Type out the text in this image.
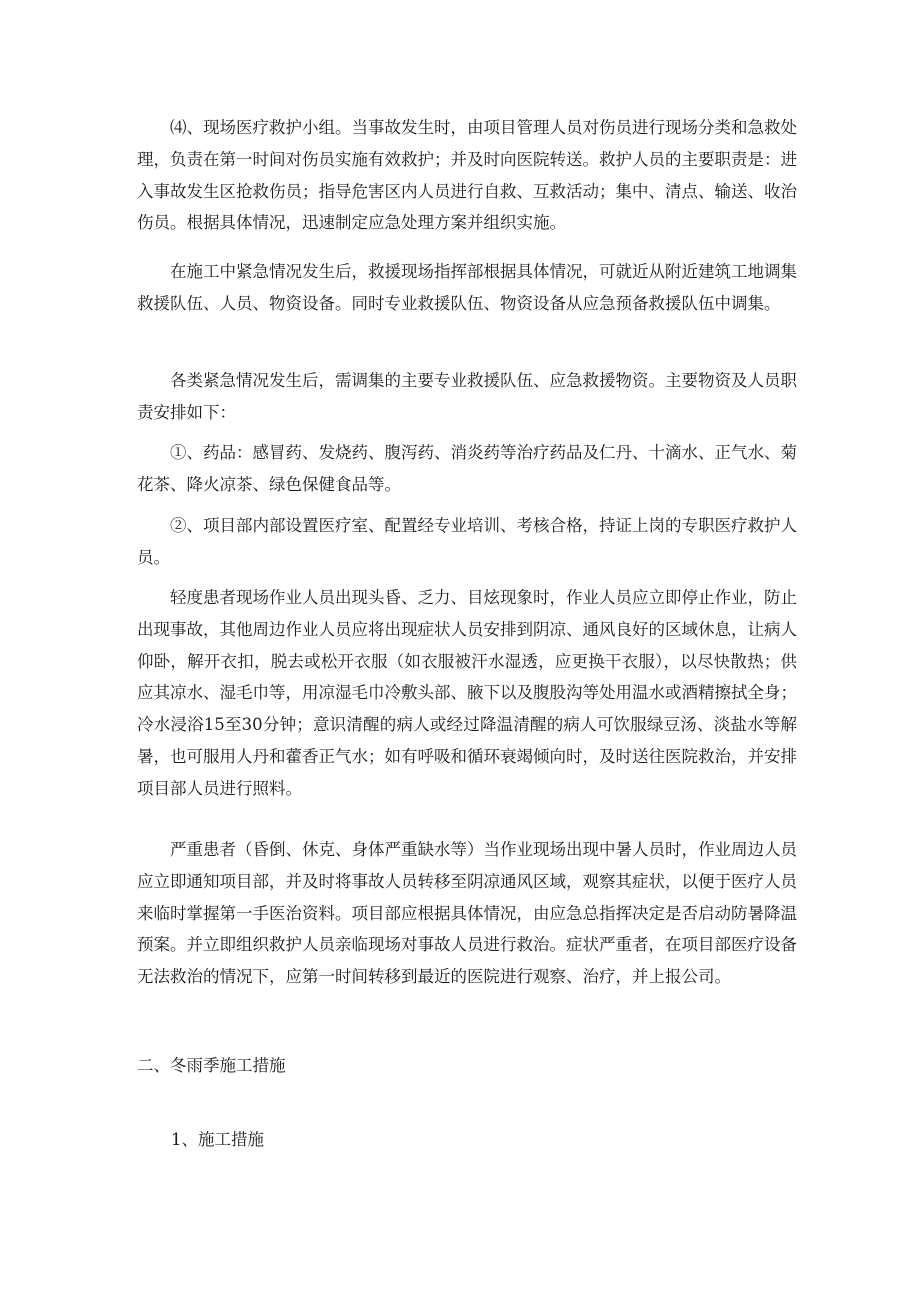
⑷、现场医疗救护小组。当事故发生时，由项目管理人员对伤员进行现场分类和急救处理，负责在第一时间对伤员实施有效救护；并及时向医院转送。救护人员的主要职责是：进入事故发生区抢救伤员；指导危害区内人员进行自救、互救活动；集中、清点、输送、收治伤员。根据具体情况，迅速制定应急处理方案并组织实施。

在施工中紧急情况发生后，救援现场指挥部根据具体情况，可就近从附近建筑工地调集救援队伍、人员、物资设备。同时专业救援队伍、物资设备从应急预备救援队伍中调集。

各类紧急情况发生后，需调集的主要专业救援队伍、应急救援物资。主要物资及人员职责安排如下：

①、药品：感冒药、发烧药、腹泻药、消炎药等治疗药品及仁丹、十滴水、正气水、菊花茶、降火凉茶、绿色保健食品等。

②、项目部内部设置医疗室、配置经专业培训、考核合格，持证上岗的专职医疗救护人员。

轻度患者现场作业人员出现头昏、乏力、目炫现象时，作业人员应立即停止作业，防止出现事故，其他周边作业人员应将出现症状人员安排到阴凉、通风良好的区域休息，让病人仰卧，解开衣扣，脱去或松开衣服（如衣服被汗水湿透，应更换干衣服），以尽快散热；供应其凉水、湿毛巾等，用凉湿毛巾冷敷头部、腋下以及腹股沟等处用温水或酒精擦拭全身；冷水浸浴15至30分钟；意识清醒的病人或经过降温清醒的病人可饮服绿豆汤、淡盐水等解暑，也可服用人丹和藿香正气水；如有呼吸和循环衰竭倾向时，及时送往医院救治，并安排项目部人员进行照料。

严重患者（昏倒、休克、身体严重缺水等）当作业现场出现中暑人员时，作业周边人员应立即通知项目部，并及时将事故人员转移至阴凉通风区域，观察其症状，以便于医疗人员来临时掌握第一手医治资料。项目部应根据具体情况，由应急总指挥决定是否启动防暑降温预案。并立即组织救护人员亲临现场对事故人员进行救治。症状严重者，在项目部医疗设备无法救治的情况下，应第一时间转移到最近的医院进行观察、治疗，并上报公司。

二、冬雨季施工措施
1、施工措施
